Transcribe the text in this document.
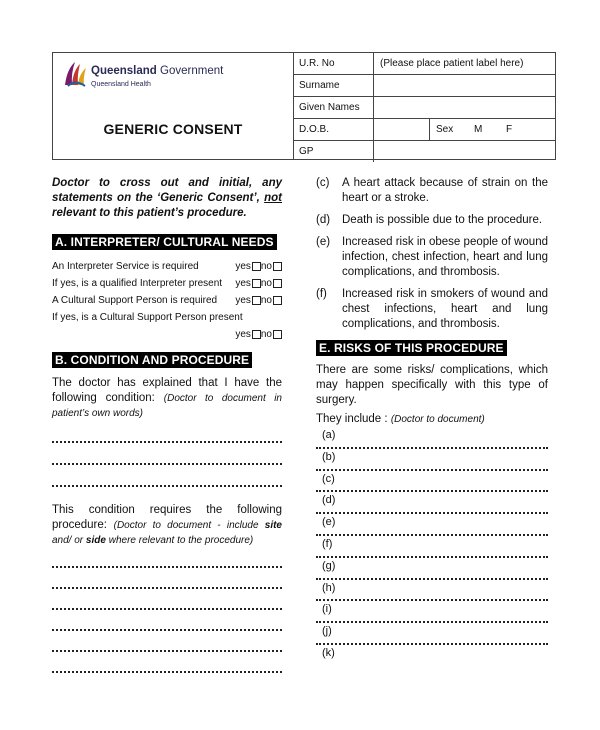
Queensland Government
Queensland Health
GENERIC CONSENT
U.R. No	(Please place patient label here)
Surname	
Given Names	
D.O.B.	Sex M F

GP	
Doctor to cross out and initial, any statements on the ‘Generic Consent’, not relevant to this patient’s procedure.
A. INTERPRETER/ CULTURAL NEEDS
An Interpreter Service is required	yes no
If yes, is a qualified Interpreter present yes no
A Cultural Support Person is required yes no
If yes, is a Cultural Support Person present
yes no
B. CONDITION AND PROCEDURE
The doctor has explained that I have the following condition: (Doctor to document in patient’s own words)
This condition requires the following procedure: (Doctor to document - include site and/ or side where relevant to the procedure)
(c)	A heart attack because of strain on the heart or a stroke.
(d)	Death is possible due to the procedure.
(e)	Increased risk in obese people of wound infection, chest infection, heart and lung complications, and thrombosis.
(f)	Increased risk in smokers of wound and chest infections, heart and lung complications, and thrombosis.
E. RISKS OF THIS PROCEDURE
There are some risks/ complications, which may happen specifically with this type of surgery.
They include : (Doctor to document)
(a)
(b)
(c)
(d)
(e)
(f)
(g)
(h)
(i)
(j)
(k)
